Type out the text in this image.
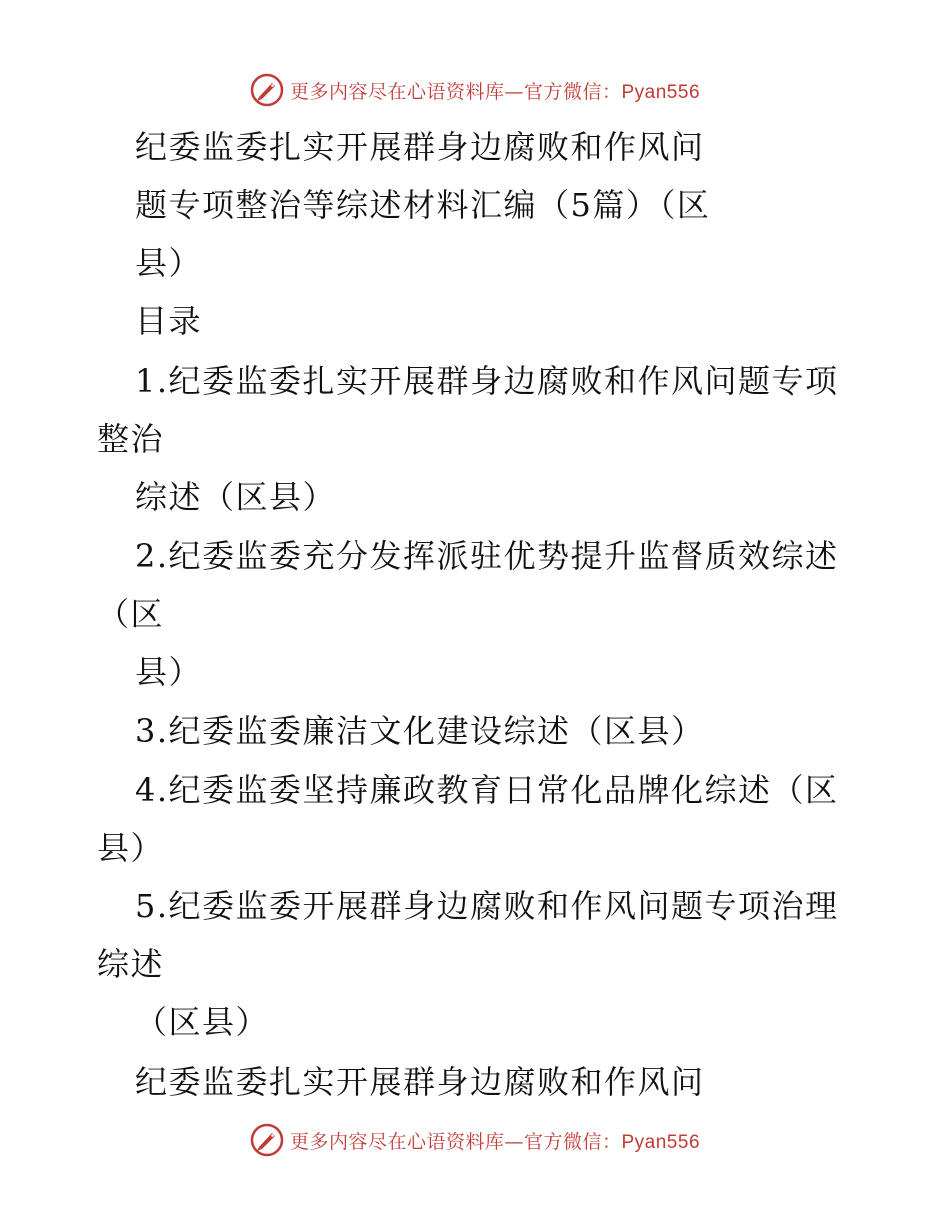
更多内容尽在心语资料库—官方微信：Pyan556
纪委监委扎实开展群身边腐败和作风问
题专项整治等综述材料汇编（5篇）（区
县）
目录
1.纪委监委扎实开展群身边腐败和作风问题专项
整治
综述（区县）
2.纪委监委充分发挥派驻优势提升监督质效综述
（区
县）
3.纪委监委廉洁文化建设综述（区县）
4.纪委监委坚持廉政教育日常化品牌化综述（区
县）
5.纪委监委开展群身边腐败和作风问题专项治理
综述
（区县）
纪委监委扎实开展群身边腐败和作风问
更多内容尽在心语资料库—官方微信：Pyan556
